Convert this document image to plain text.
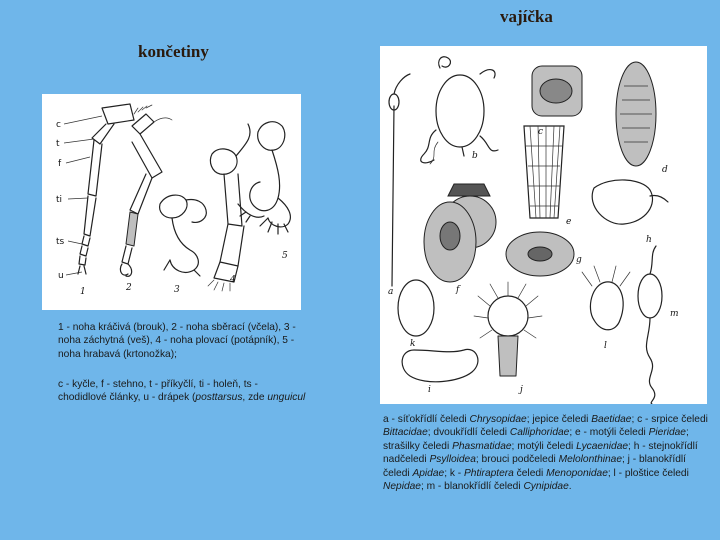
vajíčka
končetiny
c
t
f
ti
ts
u
1	2	3
4
5

1 - noha kráčivá (brouk), 2 - noha sběrací (včela), 3 - noha záchytná (veš), 4 - noha plovací (potápník), 5 - noha hrabavá (krtonožka);

c - kyčle, f - stehno, t - příkyčlí, ti - holeň, ts - chodidlové články, u - drápek (posttarsus, zde unguicul

a
b
c
d
e
f
g
h
i	j
k	l
m

a - síťokřídlí čeledi Chrysopidae; jepice čeledi Baetidae; c - srpice čeledi Bittacidae; dvoukřídlí čeledi Calliphoridae; e - motýli čeledi Pieridae; strašilky čeledi Phasmatidae; motýli čeledi Lycaenidae; h - stejnokřídlí nadčeledi Psylloidea; brouci podčeledi Melolonthinae; j - blanokřídlí čeledi Apidae; k - Phtiraptera čeledi Menoponidae; l - ploštice čeledi Nepidae; m - blanokřídlí čeledi Cynipidae.
